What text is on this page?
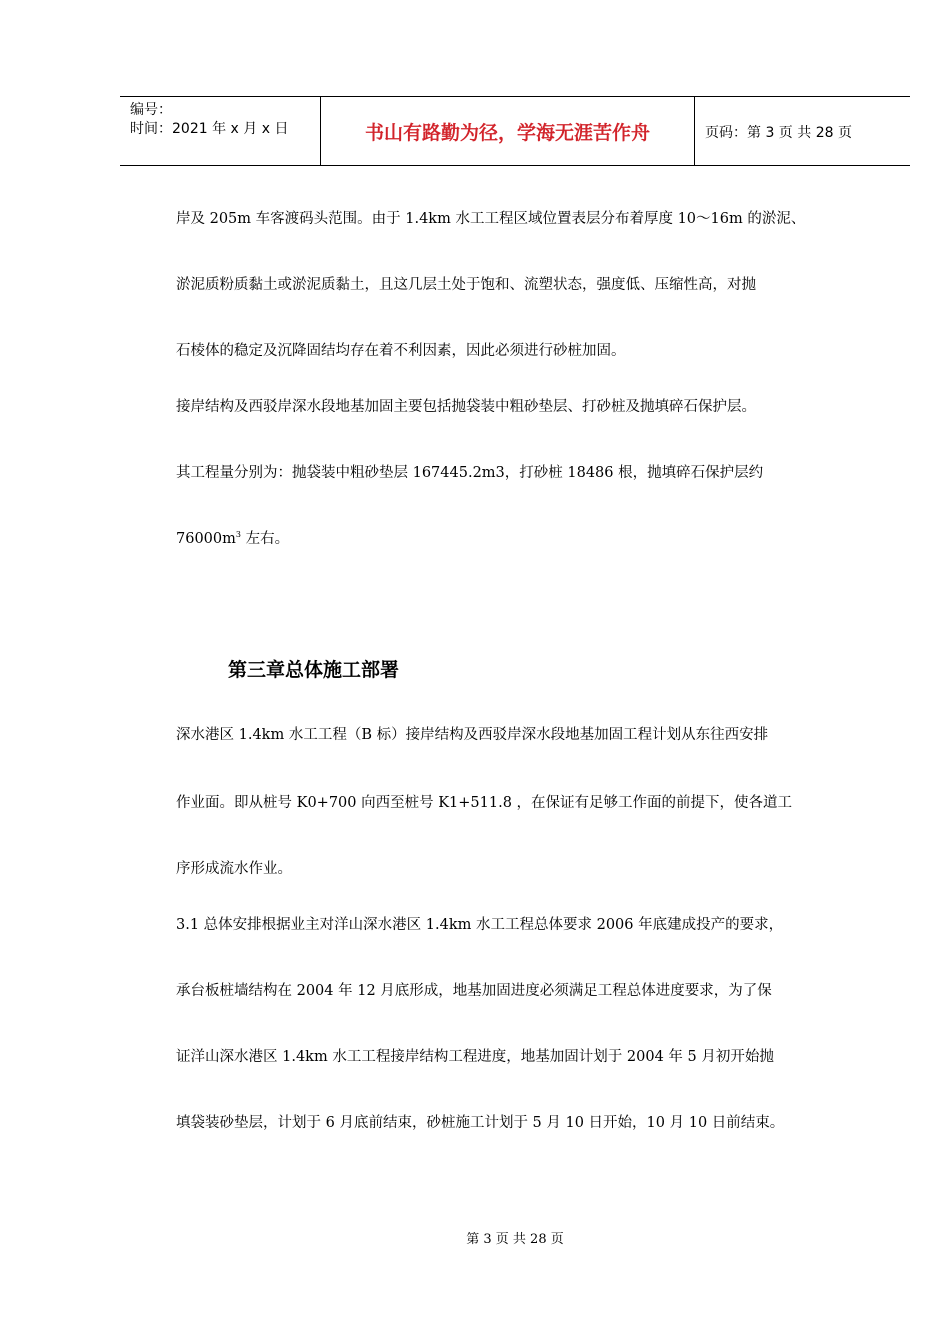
编号：
时间：2021 年 x 月 x 日	书山有路勤为径，学海无涯苦作舟	页码：第 3 页 共 28 页
岸及 205m 车客渡码头范围。由于 1.4km 水工工程区域位置表层分布着厚度 10～16m 的淤泥、
淤泥质粉质黏土或淤泥质黏土，且这几层土处于饱和、流塑状态，强度低、压缩性高，对抛
石棱体的稳定及沉降固结均存在着不利因素，因此必须进行砂桩加固。
接岸结构及西驳岸深水段地基加固主要包括抛袋装中粗砂垫层、打砂桩及抛填碎石保护层。
其工程量分别为：抛袋装中粗砂垫层 167445.2m3，打砂桩 18486 根，抛填碎石保护层约
$76000m^3$ 左右。
第三章总体施工部署
深水港区 1.4km 水工工程（B 标）接岸结构及西驳岸深水段地基加固工程计划从东往西安排
作业面。即从桩号 K0+700 向西至桩号 K1+511.8 ，在保证有足够工作面的前提下，使各道工
序形成流水作业。
3.1 总体安排根据业主对洋山深水港区 1.4km 水工工程总体要求 2006 年底建成投产的要求，
承台板桩墙结构在 2004 年 12 月底形成，地基加固进度必须满足工程总体进度要求，为了保
证洋山深水港区 1.4km 水工工程接岸结构工程进度，地基加固计划于 2004 年 5 月初开始抛
填袋装砂垫层，计划于 6 月底前结束，砂桩施工计划于 5 月 10 日开始，10 月 10 日前结束。
第 3 页 共 28 页
